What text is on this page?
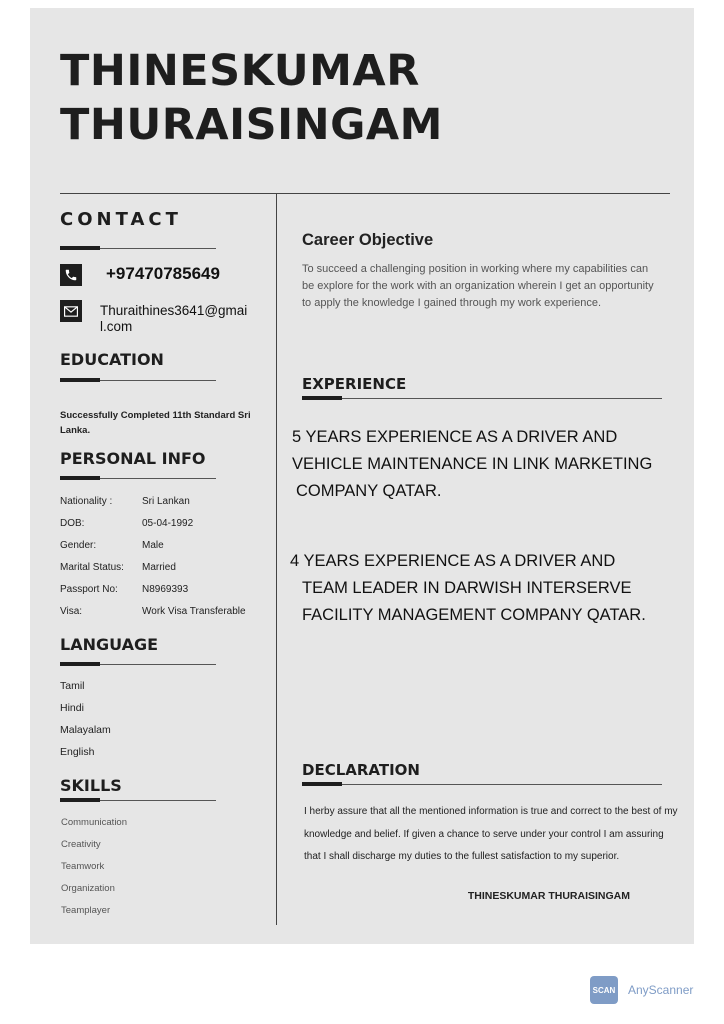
THINESKUMAR
THURAISINGAM
CONTACT
+97470785649
Thuraithines3641@gmail.com
EDUCATION
Successfully Completed 11th Standard Sri Lanka.
PERSONAL INFO
Nationality :	Sri Lankan
DOB:	05-04-1992
Gender:	Male
Marital Status: Married
Passport No: N8969393
Visa:	Work Visa Transferable
LANGUAGE
Tamil
Hindi
Malayalam
English
SKILLS
Communication
Creativity
Teamwork
Organization
Teamplayer
Career Objective
To succeed a challenging position in working where my capabilities can be explore for the work with an organization wherein I get an opportunity to apply the knowledge I gained through my work experience.
EXPERIENCE
5 YEARS EXPERIENCE AS A DRIVER AND
VEHICLE MAINTENANCE IN LINK MARKETING
COMPANY QATAR.
4 YEARS EXPERIENCE AS A DRIVER AND
TEAM LEADER IN DARWISH INTERSERVE
FACILITY MANAGEMENT COMPANY QATAR.
DECLARATION
I herby assure that all the mentioned information is true and correct to the best of my knowledge and belief. If given a chance to serve under your control I am assuring that I shall discharge my duties to the fullest satisfaction to my superior.
THINESKUMAR THURAISINGAM
SCAN AnyScanner
